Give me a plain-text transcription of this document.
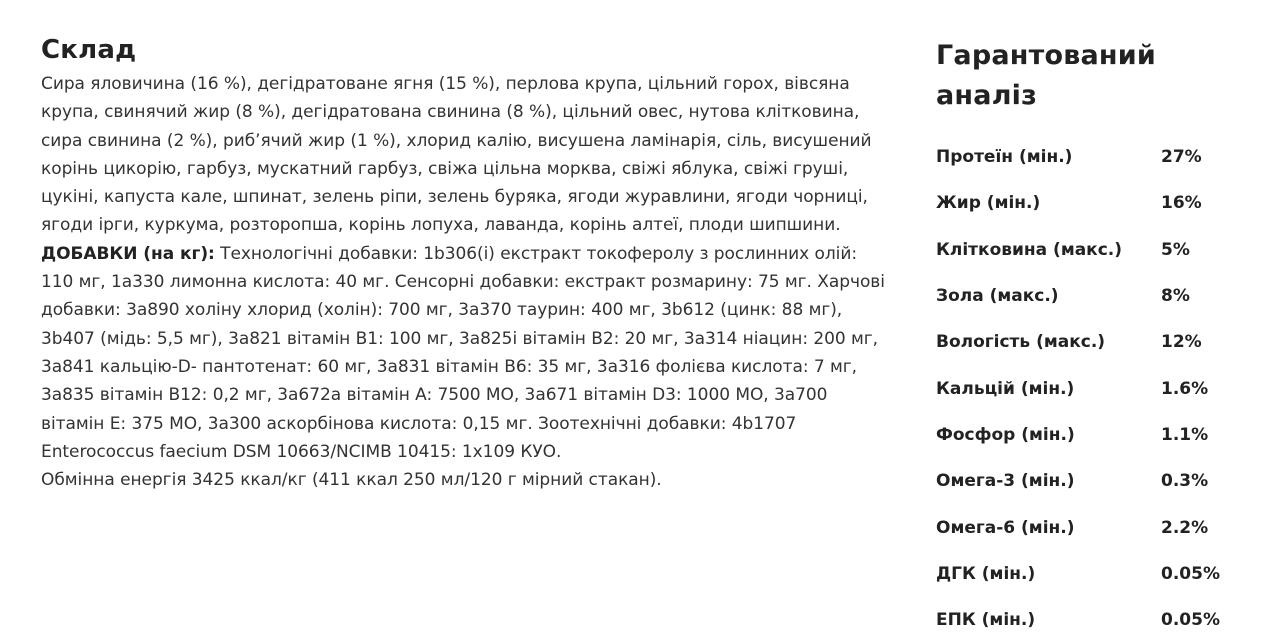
Склад

Сира яловичина (16 %), дегідратоване ягня (15 %), перлова крупа, цільний горох, вівсяна крупа, свинячий жир (8 %), дегідратована свинина (8 %), цільний овес, нутова клітковина, сира свинина (2 %), риб’ячий жир (1 %), хлорид калію, висушена ламінарія, сіль, висушений корінь цикорію, гарбуз, мускатний гарбуз, свіжа цільна морква, свіжі яблука, свіжі груші, цукіні, капуста кале, шпинат, зелень ріпи, зелень буряка, ягоди журавлини, ягоди чорниці, ягоди ірги, куркума, розторопша, корінь лопуха, лаванда, корінь алтеї, плоди шипшини.

ДОБАВКИ (на кг): Технологічні добавки: 1b306(i) екстракт токоферолу з рослинних олій: 110 мг, 1a330 лимонна кислота: 40 мг. Сенсорні добавки: екстракт розмарину: 75 мг. Харчові добавки: 3a890 холіну хлорид (холін): 700 мг, 3a370 таурин: 400 мг, 3b612 (цинк: 88 мг), 3b407 (мідь: 5,5 мг), 3a821 вітамін B1: 100 мг, 3a825i вітамін B2: 20 мг, 3a314 ніацин: 200 мг, 3a841 кальцію-D- пантотенат: 60 мг, 3a831 вітамін B6: 35 мг, 3a316 фолієва кислота: 7 мг, 3a835 вітамін B12: 0,2 мг, 3a672a вітамін A: 7500 MO, 3a671 вітамін D3: 1000 MO, 3a700 вітамін E: 375 MO, 3a300 аскорбінова кислота: 0,15 мг. Зоотехнічні добавки: 4b1707 Enterococcus faecium DSM 10663/NCIMB 10415: 1x109 КУО.

Обмінна енергія 3425 ккал/кг (411 ккал 250 мл/120 г мірний стакан).

Гарантований аналіз
Протеїн (мін.)	27%
Жир (мін.)	16%
Клітковина (макс.)	5%
Зола (макс.)	8%
Вологість (макс.)	12%
Кальцій (мін.)	1.6%
Фосфор (мін.)	1.1%
Омега-3 (мін.)	0.3%
Омега-6 (мін.)	2.2%
ДГК (мін.)	0.05%
ЕПК (мін.)	0.05%
